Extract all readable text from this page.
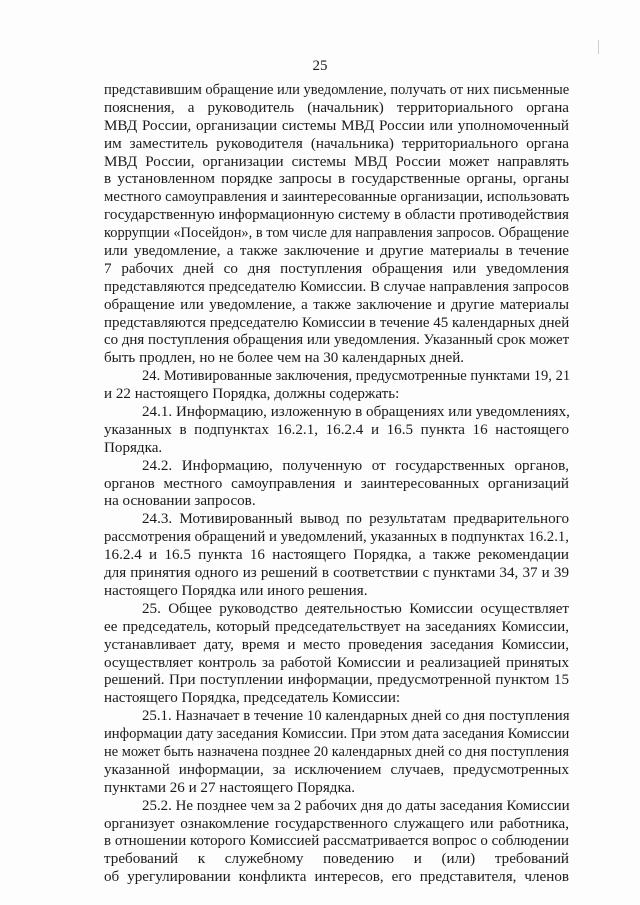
25
представившим обращение или уведомление, получать от них письменные
пояснения, а руководитель (начальник) территориального органа
МВД России, организации системы МВД России или уполномоченный
им заместитель руководителя (начальника) территориального органа
МВД России, организации системы МВД России может направлять
в установленном порядке запросы в государственные органы, органы
местного самоуправления и заинтересованные организации, использовать
государственную информационную систему в области противодействия
коррупции «Посейдон», в том числе для направления запросов. Обращение
или уведомление, а также заключение и другие материалы в течение
7 рабочих дней со дня поступления обращения или уведомления
представляются председателю Комиссии. В случае направления запросов
обращение или уведомление, а также заключение и другие материалы
представляются председателю Комиссии в течение 45 календарных дней
со дня поступления обращения или уведомления. Указанный срок может
быть продлен, но не более чем на 30 календарных дней.
24. Мотивированные заключения, предусмотренные пунктами 19, 21
и 22 настоящего Порядка, должны содержать:
24.1. Информацию, изложенную в обращениях или уведомлениях,
указанных в подпунктах 16.2.1, 16.2.4 и 16.5 пункта 16 настоящего
Порядка.
24.2. Информацию, полученную от государственных органов,
органов местного самоуправления и заинтересованных организаций
на основании запросов.
24.3. Мотивированный вывод по результатам предварительного
рассмотрения обращений и уведомлений, указанных в подпунктах 16.2.1,
16.2.4 и 16.5 пункта 16 настоящего Порядка, а также рекомендации
для принятия одного из решений в соответствии с пунктами 34, 37 и 39
настоящего Порядка или иного решения.
25. Общее руководство деятельностью Комиссии осуществляет
ее председатель, который председательствует на заседаниях Комиссии,
устанавливает дату, время и место проведения заседания Комиссии,
осуществляет контроль за работой Комиссии и реализацией принятых
решений. При поступлении информации, предусмотренной пунктом 15
настоящего Порядка, председатель Комиссии:
25.1. Назначает в течение 10 календарных дней со дня поступления
информации дату заседания Комиссии. При этом дата заседания Комиссии
не может быть назначена позднее 20 календарных дней со дня поступления
указанной информации, за исключением случаев, предусмотренных
пунктами 26 и 27 настоящего Порядка.
25.2. Не позднее чем за 2 рабочих дня до даты заседания Комиссии
организует ознакомление государственного служащего или работника,
в отношении которого Комиссией рассматривается вопрос о соблюдении
требований к служебному поведению и (или) требований
об урегулировании конфликта интересов, его представителя, членов
